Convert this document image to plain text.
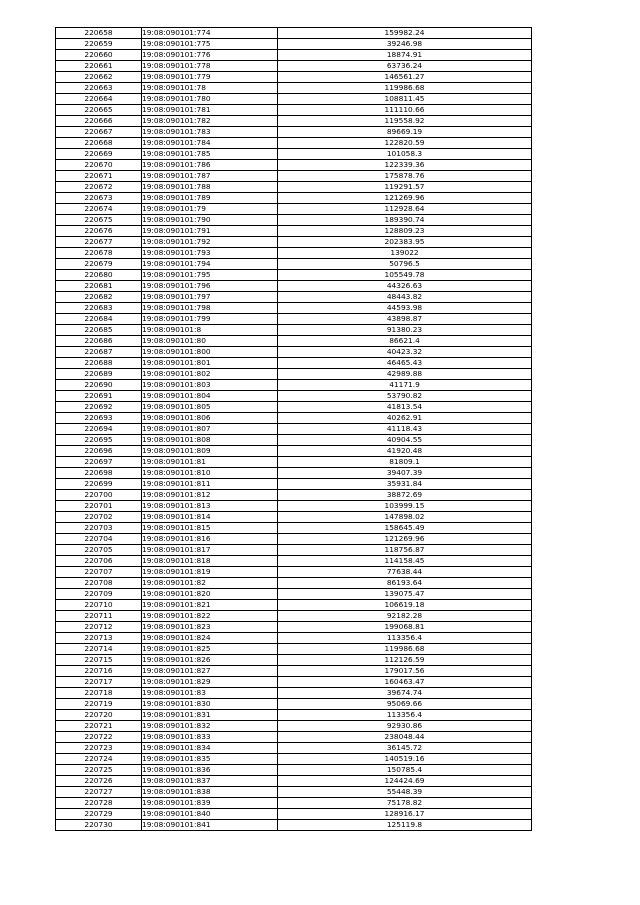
220658	19:08:090101:774	159982.24
220659	19:08:090101:775	39246.98
220660	19:08:090101:776	18874.91
220661	19:08:090101:778	63736.24
220662	19:08:090101:779	146561.27
220663	19:08:090101:78	119986.68
220664	19:08:090101:780	108811.45
220665	19:08:090101:781	111110.66
220666	19:08:090101:782	119558.92
220667	19:08:090101:783	89669.19
220668	19:08:090101:784	122820.59
220669	19:08:090101:785	101058.3
220670	19:08:090101:786	122339.36
220671	19:08:090101:787	175878.76
220672	19:08:090101:788	119291.57
220673	19:08:090101:789	121269.96
220674	19:08:090101:79	112928.64
220675	19:08:090101:790	189390.74
220676	19:08:090101:791	128809.23
220677	19:08:090101:792	202383.95
220678	19:08:090101:793	139022
220679	19:08:090101:794	50796.5
220680	19:08:090101:795	105549.78
220681	19:08:090101:796	44326.63
220682	19:08:090101:797	48443.82
220683	19:08:090101:798	44593.98
220684	19:08:090101:799	43898.87
220685	19:08:090101:8	91380.23
220686	19:08:090101:80	86621.4
220687	19:08:090101:800	40423.32
220688	19:08:090101:801	46465.43
220689	19:08:090101:802	42989.88
220690	19:08:090101:803	41171.9
220691	19:08:090101:804	53790.82
220692	19:08:090101:805	41813.54
220693	19:08:090101:806	40262.91
220694	19:08:090101:807	41118.43
220695	19:08:090101:808	40904.55
220696	19:08:090101:809	41920.48
220697	19:08:090101:81	81809.1
220698	19:08:090101:810	39407.39
220699	19:08:090101:811	35931.84
220700	19:08:090101:812	38872.69
220701	19:08:090101:813	103999.15
220702	19:08:090101:814	147898.02
220703	19:08:090101:815	158645.49
220704	19:08:090101:816	121269.96
220705	19:08:090101:817	118756.87
220706	19:08:090101:818	114158.45
220707	19:08:090101:819	77638.44
220708	19:08:090101:82	86193.64
220709	19:08:090101:820	139075.47
220710	19:08:090101:821	106619.18
220711	19:08:090101:822	92182.28
220712	19:08:090101:823	199068.81
220713	19:08:090101:824	113356.4
220714	19:08:090101:825	119986.68
220715	19:08:090101:826	112126.59
220716	19:08:090101:827	179017.56
220717	19:08:090101:829	160463.47
220718	19:08:090101:83	39674.74
220719	19:08:090101:830	95069.66
220720	19:08:090101:831	113356.4
220721	19:08:090101:832	92930.86
220722	19:08:090101:833	238048.44
220723	19:08:090101:834	36145.72
220724	19:08:090101:835	140519.16
220725	19:08:090101:836	150785.4
220726	19:08:090101:837	124424.69
220727	19:08:090101:838	55448.39
220728	19:08:090101:839	75178.82
220729	19:08:090101:840	128916.17
220730	19:08:090101:841	125119.8
